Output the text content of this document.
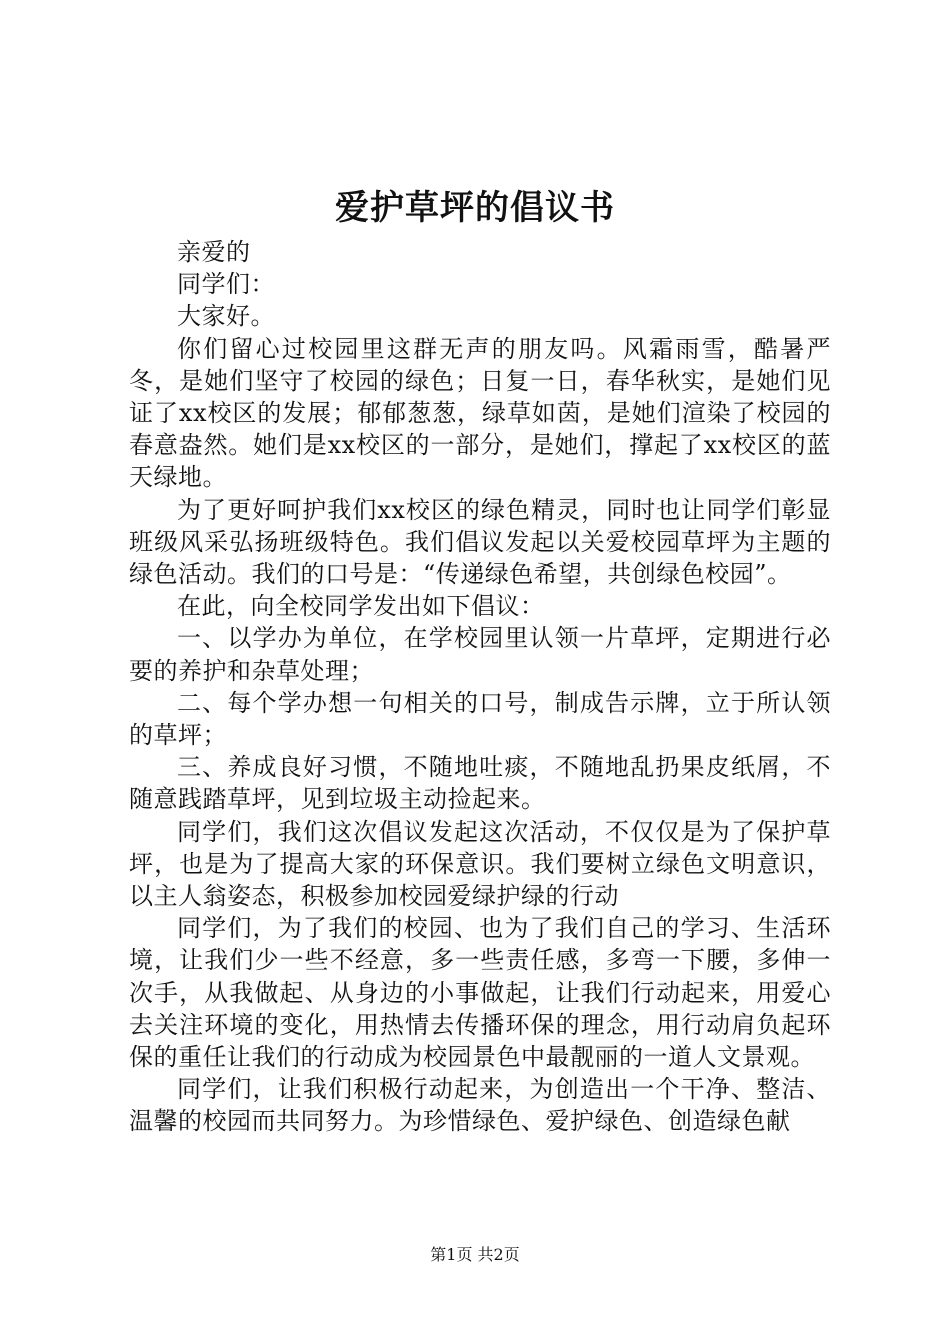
爱护草坪的倡议书

亲爱的

同学们：

大家好。

你们留心过校园里这群无声的朋友吗。风霜雨雪，酷暑严冬，是她们坚守了校园的绿色；日复一日，春华秋实，是她们见证了xx校区的发展；郁郁葱葱，绿草如茵，是她们渲染了校园的春意盎然。她们是xx校区的一部分，是她们，撑起了xx校区的蓝天绿地。

为了更好呵护我们xx校区的绿色精灵，同时也让同学们彰显班级风采弘扬班级特色。我们倡议发起以关爱校园草坪为主题的绿色活动。我们的口号是：“传递绿色希望，共创绿色校园”。

在此，向全校同学发出如下倡议：

一、以学办为单位，在学校园里认领一片草坪，定期进行必要的养护和杂草处理；

二、每个学办想一句相关的口号，制成告示牌，立于所认领的草坪；

三、养成良好习惯，不随地吐痰，不随地乱扔果皮纸屑，不随意践踏草坪，见到垃圾主动捡起来。

同学们，我们这次倡议发起这次活动，不仅仅是为了保护草坪，也是为了提高大家的环保意识。我们要树立绿色文明意识，以主人翁姿态，积极参加校园爱绿护绿的行动

同学们，为了我们的校园、也为了我们自己的学习、生活环境，让我们少一些不经意，多一些责任感，多弯一下腰，多伸一次手，从我做起、从身边的小事做起，让我们行动起来，用爱心去关注环境的变化，用热情去传播环保的理念，用行动肩负起环保的重任让我们的行动成为校园景色中最靓丽的一道人文景观。

同学们，让我们积极行动起来，为创造出一个干净、整洁、温馨的校园而共同努力。为珍惜绿色、爱护绿色、创造绿色献

第1页 共2页
